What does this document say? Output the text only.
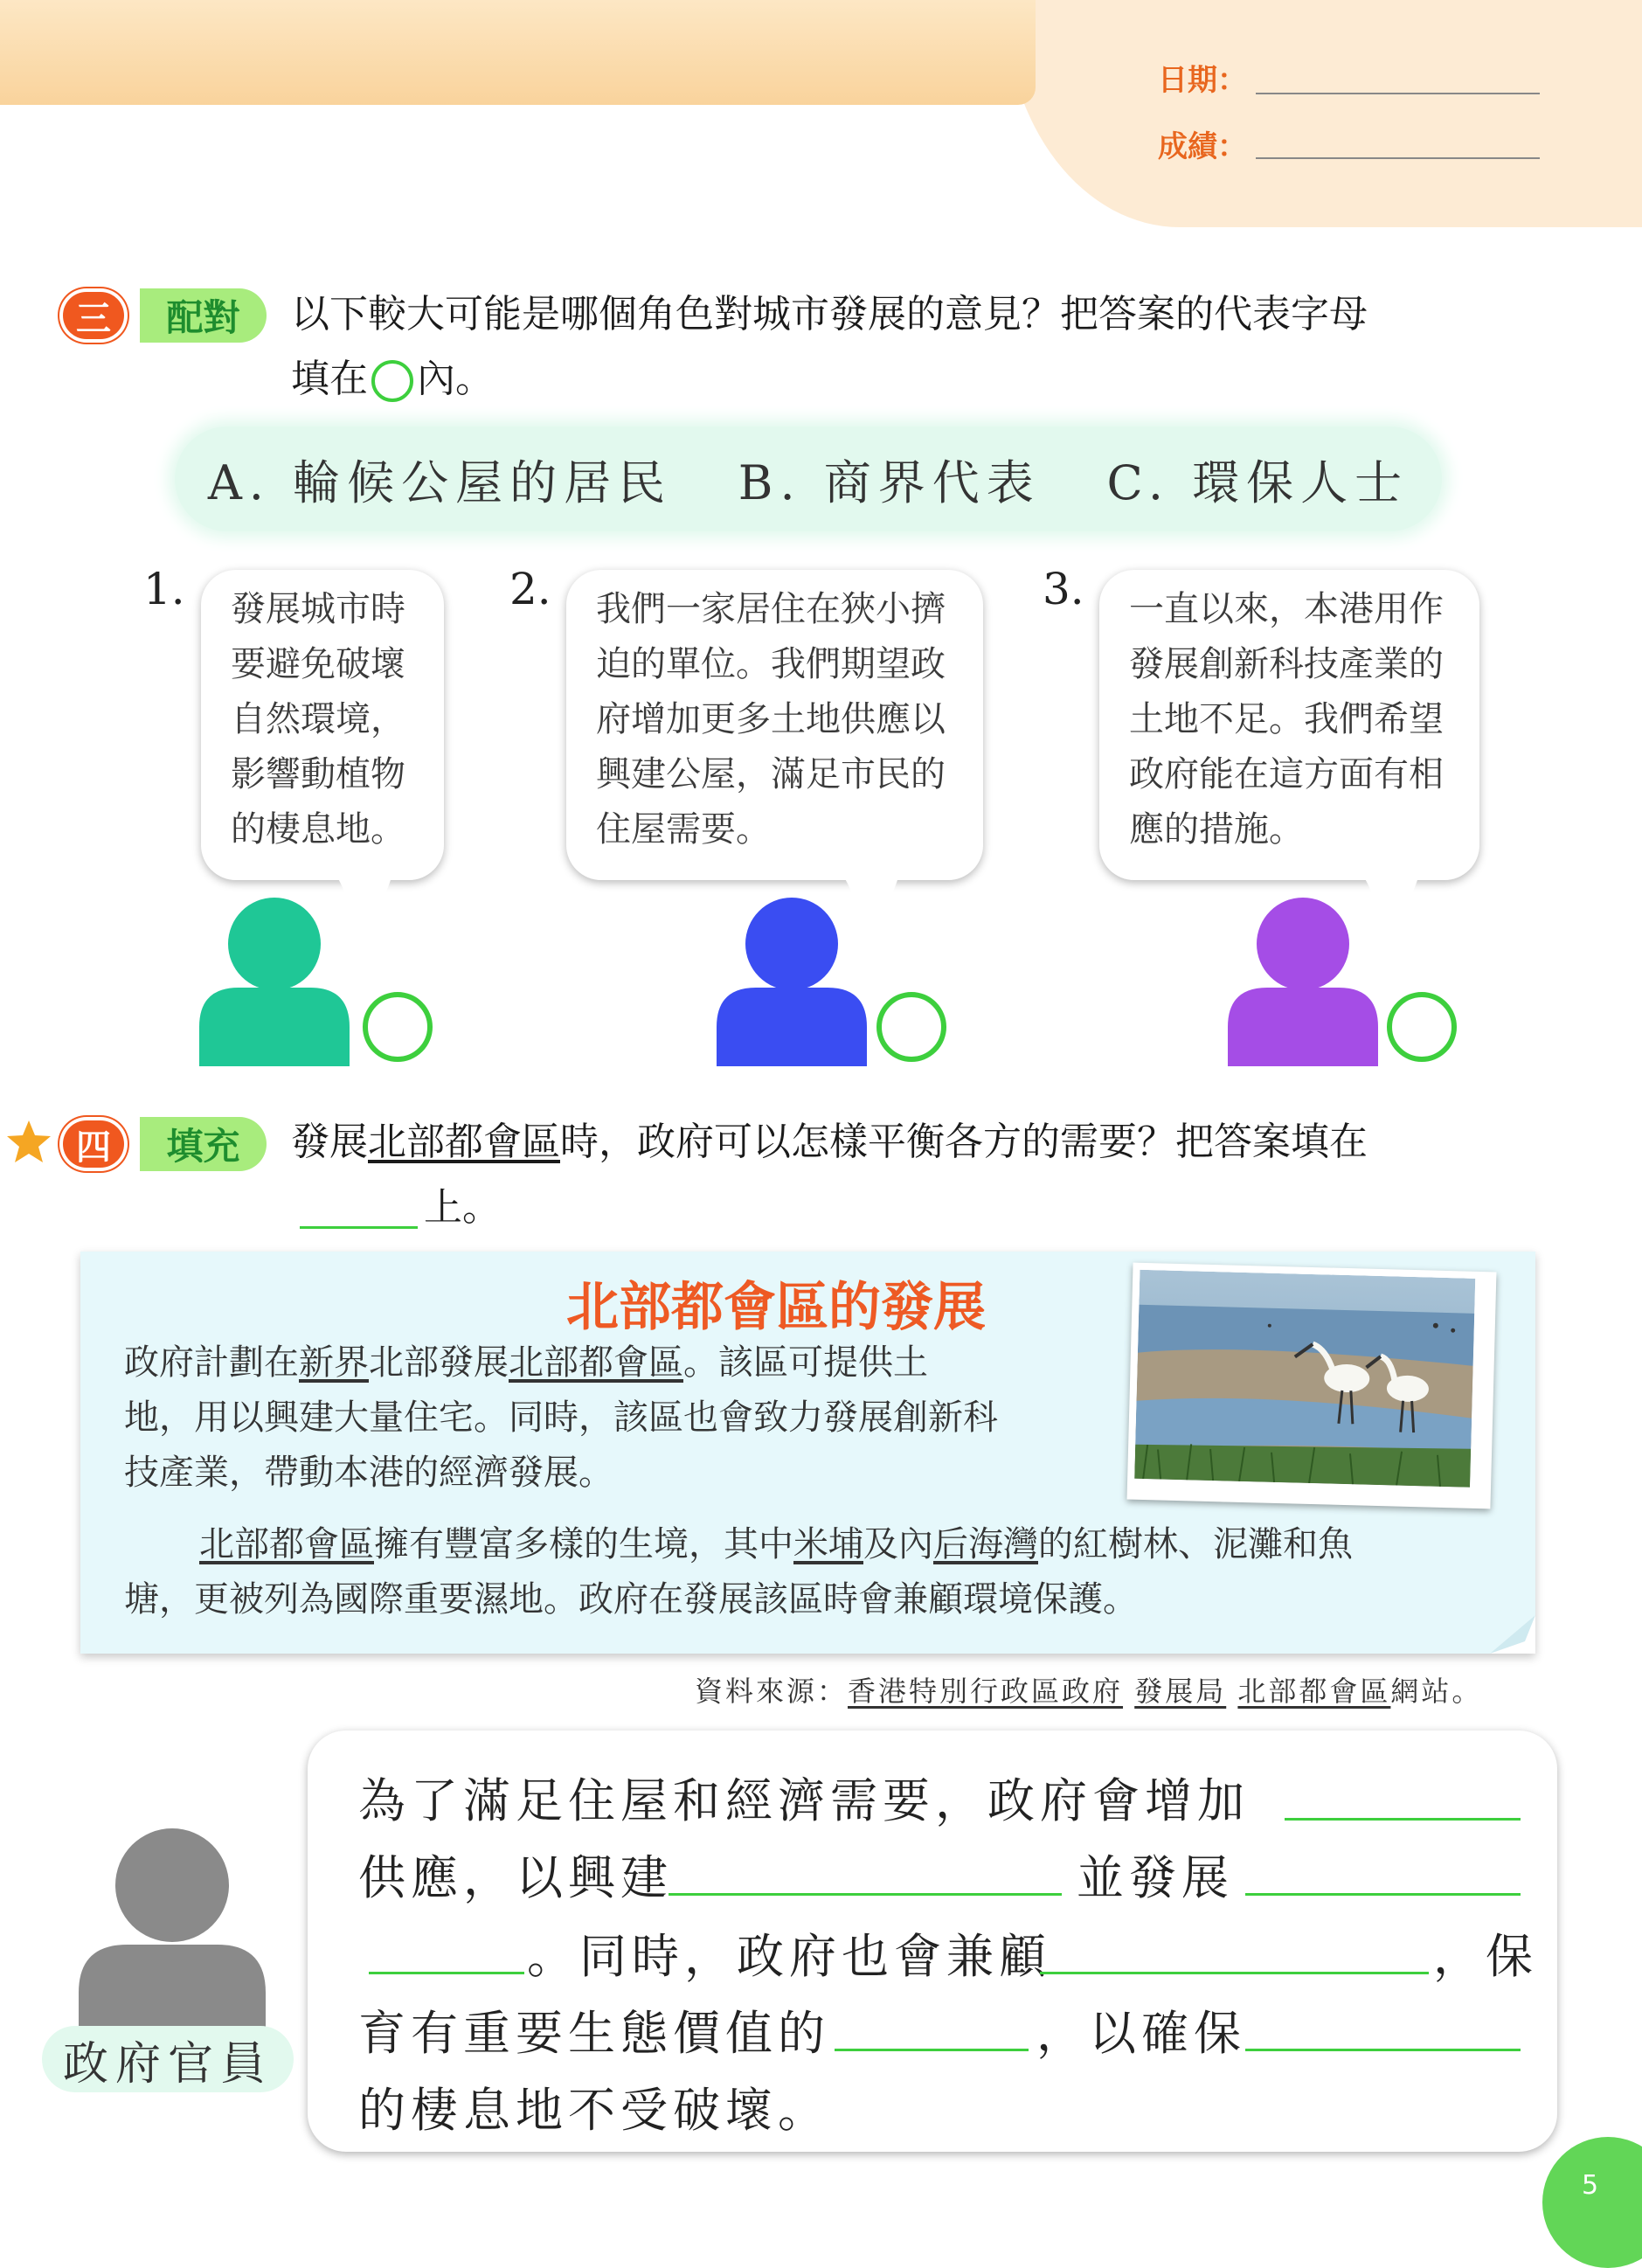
日期：
成績：
三	配對	以下較大可能是哪個角色對城市發展的意見？把答案的代表字母
填在 內。
A. 輪候公屋的居民 B. 商界代表 C. 環保人士
1. 發展城市時
要避免破壞
自然環境，
影響動植物
的棲息地。
2. 我們一家居住在狹小擠
迫的單位。我們期望政
府增加更多土地供應以
興建公屋，滿足市民的
住屋需要。
3. 一直以來，本港用作
發展創新科技產業的
土地不足。我們希望
政府能在這方面有相
應的措施。
四	填充	發展北部都會區時，政府可以怎樣平衡各方的需要？把答案填在
上。
北部都會區的發展
政府計劃在新界北部發展北部都會區。該區可提供土
地，用以興建大量住宅。同時，該區也會致力發展創新科
技產業，帶動本港的經濟發展。
北部都會區擁有豐富多樣的生境，其中米埔及內后海灣的紅樹林、泥灘和魚
塘，更被列為國際重要濕地。政府在發展該區時會兼顧環境保護。
資料來源：香港特別行政區政府 發展局 北部都會區網站。
政府官員
為了滿足住屋和經濟需要，政府會增加
供應，以興建	並發展
。同時，政府也會兼顧	，保
育有重要生態價值的	，以確保
的棲息地不受破壞。
5
